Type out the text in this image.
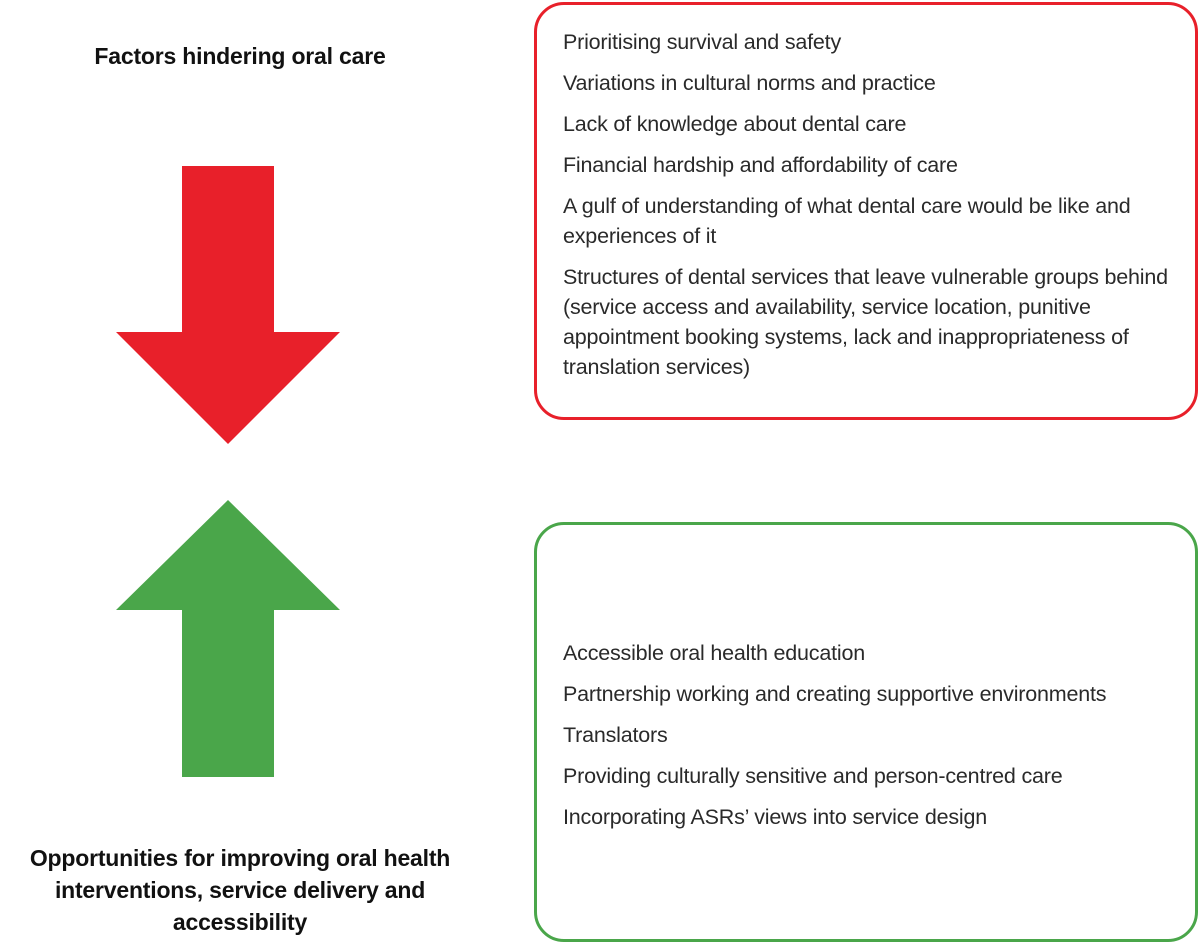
Factors hindering oral care
Opportunities for improving oral health interventions, service delivery and accessibility
Prioritising survival and safety
Variations in cultural norms and practice
Lack of knowledge about dental care
Financial hardship and affordability of care
A gulf of understanding of what dental care would be like and experiences of it
Structures of dental services that leave vulnerable groups behind (service access and availability, service location, punitive appointment booking systems, lack and inappropriateness of translation services)
Accessible oral health education
Partnership working and creating supportive environments
Translators
Providing culturally sensitive and person-centred care
Incorporating ASRs’ views into service design
